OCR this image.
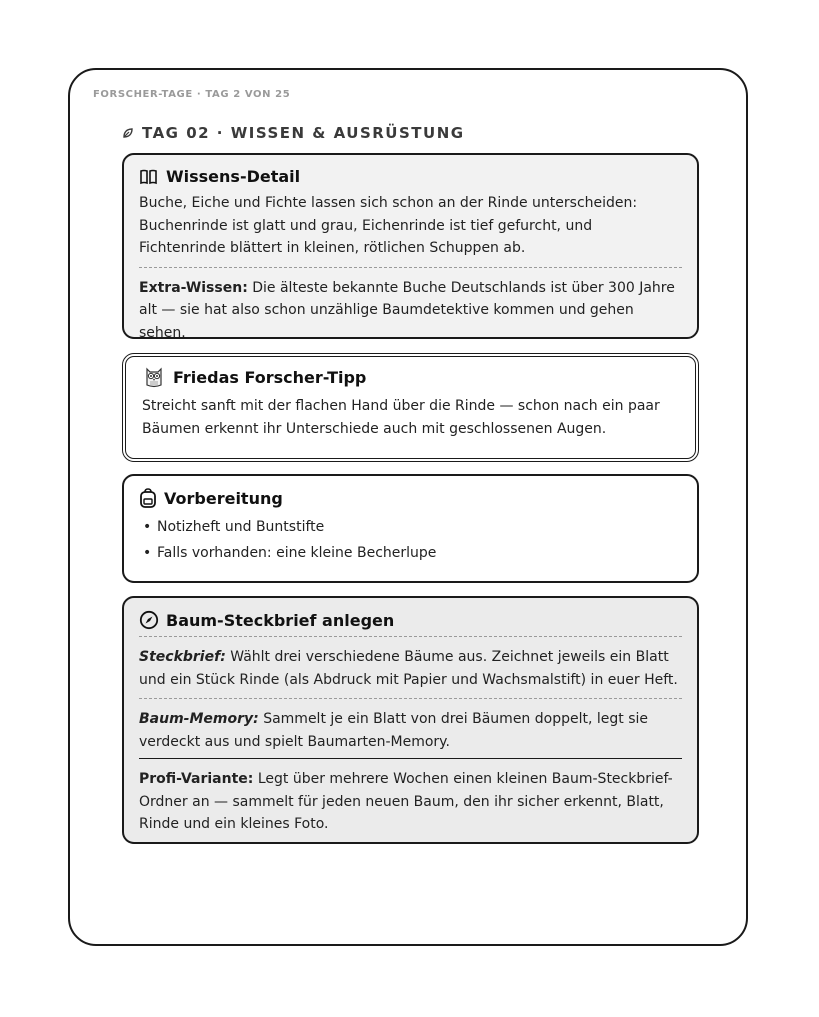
FORSCHER-TAGE · TAG 2 VON 25
TAG 02 · WISSEN & AUSRÜSTUNG
Wissens-Detail

Buche, Eiche und Fichte lassen sich schon an der Rinde unterscheiden: Buchenrinde ist glatt und grau, Eichenrinde ist tief gefurcht, und Fichtenrinde blättert in kleinen, rötlichen Schuppen ab.

Extra-Wissen: Die älteste bekannte Buche Deutschlands ist über 300 Jahre alt — sie hat also schon unzählige Baumdetektive kommen und gehen sehen.

Friedas Forscher-Tipp

Streicht sanft mit der flachen Hand über die Rinde — schon nach ein paar Bäumen erkennt ihr Unterschiede auch mit geschlossenen Augen.

Vorbereitung
• Notizheft und Buntstifte
• Falls vorhanden: eine kleine Becherlupe
Baum-Steckbrief anlegen

Steckbrief: Wählt drei verschiedene Bäume aus. Zeichnet jeweils ein Blatt und ein Stück Rinde (als Abdruck mit Papier und Wachsmalstift) in euer Heft.

Baum-Memory: Sammelt je ein Blatt von drei Bäumen doppelt, legt sie verdeckt aus und spielt Baumarten-Memory.

Profi-Variante: Legt über mehrere Wochen einen kleinen Baum-Steckbrief-Ordner an — sammelt für jeden neuen Baum, den ihr sicher erkennt, Blatt, Rinde und ein kleines Foto.
